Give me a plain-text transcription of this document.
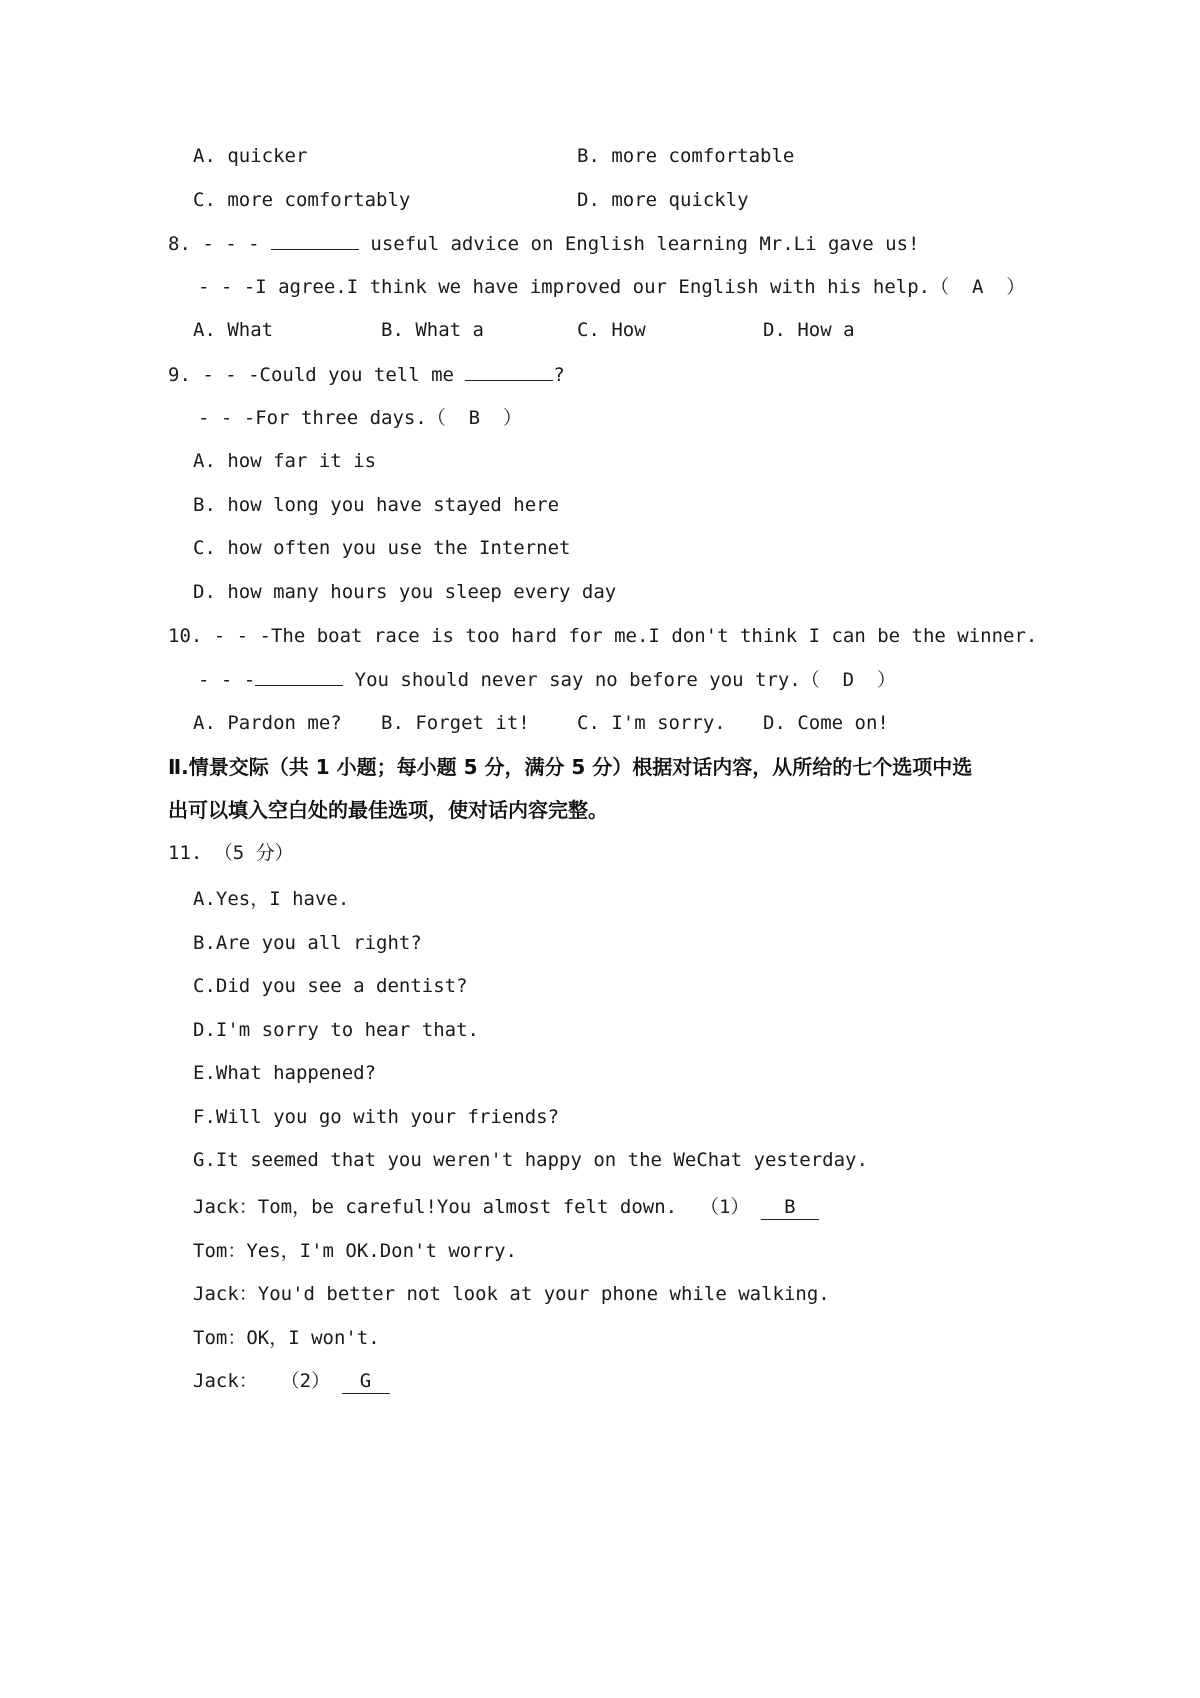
A. quicker	B. more comfortable
C. more comfortably	D. more quickly
8. - - -	useful advice on English learning Mr.Li gave us!
- - -I agree.I think we have improved our English with his help.（  A  ）
A. What	B. What a	C. How	D. How a
9. - - -Could you tell me	?
- - -For three days.（  B  ）
A. how far it is
B. how long you have stayed here
C. how often you use the Internet
D. how many hours you sleep every day
10. - - -The boat race is too hard for me.I don't think I can be the winner.
- - -	You should never say no before you try.（  D  ）
A. Pardon me? B. Forget it! C. I'm sorry. D. Come on!
Ⅱ.情景交际（共 1 小题；每小题 5 分，满分 5 分）根据对话内容，从所给的七个选项中选
出可以填入空白处的最佳选项，使对话内容完整。
11. （5 分）
A.Yes，I have.
B.Are you all right?
C.Did you see a dentist?
D.I'm sorry to hear that.
E.What happened?
F.Will you go with your friends?
G.It seemed that you weren't happy on the WeChat yesterday.
Jack：Tom，be careful!You almost felt down.  （1） B
Tom：Yes，I'm OK.Don't worry.
Jack：You'd better not look at your phone while walking.
Tom：OK，I won't.
Jack：  （2） G
